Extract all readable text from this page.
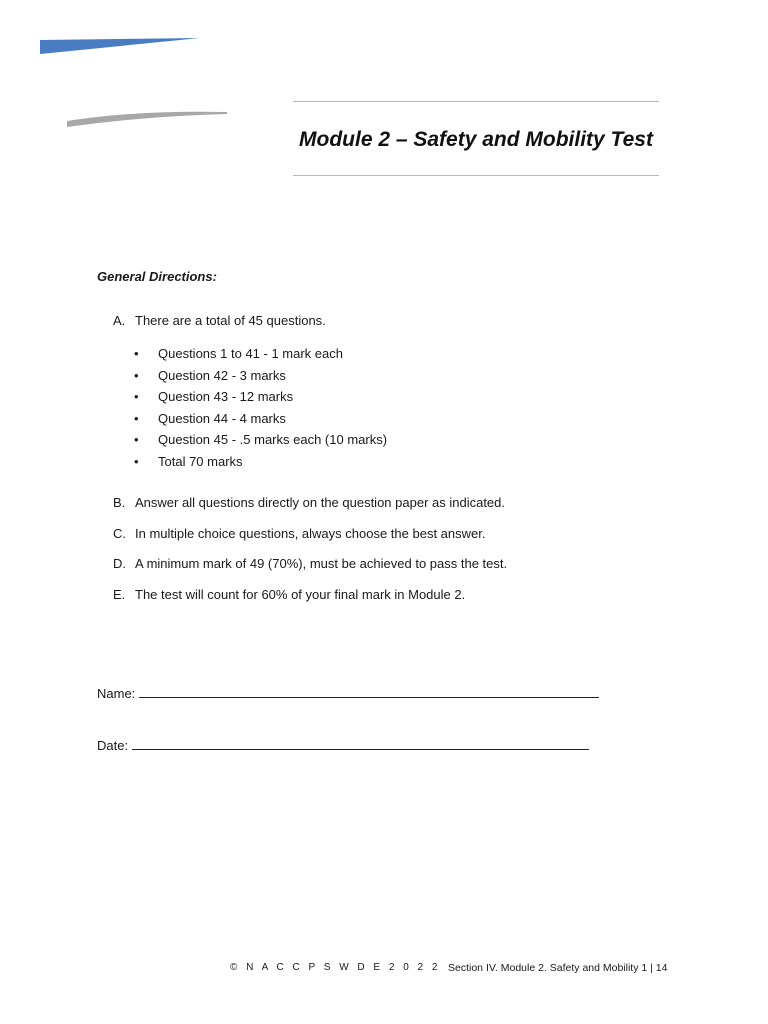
Module 2 – Safety and Mobility Test
General Directions:
A. There are a total of 45 questions.
• Questions 1 to 41 - 1 mark each
• Question 42 - 3 marks
• Question 43 - 12 marks
• Question 44 - 4 marks
• Question 45 - .5 marks each (10 marks)
• Total 70 marks
B. Answer all questions directly on the question paper as indicated.
C. In multiple choice questions, always choose the best answer.
D. A minimum mark of 49 (70%), must be achieved to pass the test.
E. The test will count for 60% of your final mark in Module 2.
Name:
Date:
© N A C C P S W D E 2 0 2 2 Section IV. Module 2. Safety and Mobility 1 | 14
